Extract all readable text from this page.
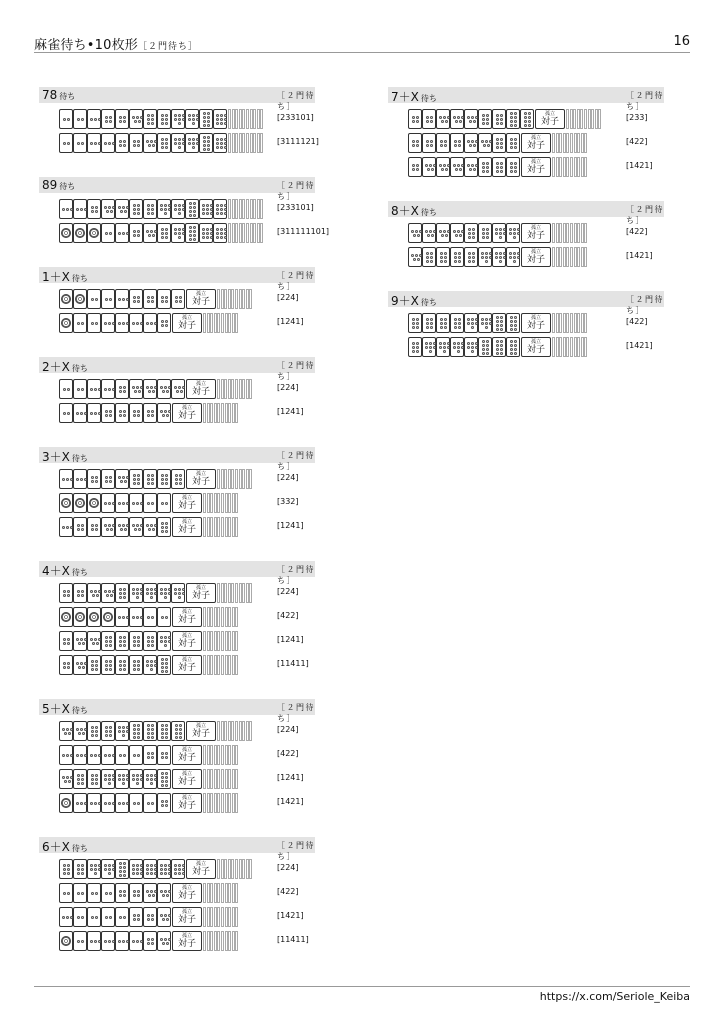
麻雀待ち•10枚形［２門待ち］	16
78 待ち	［２門待ち］
[233101]
[3111121]
89 待ち	［２門待ち］
[233101]
[311111101]
1＋X 待ち	［２門待ち］
孤立
対子	[224]
孤立
対子	[1241]
2＋X 待ち	［２門待ち］
孤立
対子	[224]
孤立
対子	[1241]
3＋X 待ち	［２門待ち］
孤立
対子	[224]
孤立
対子	[332]
孤立
対子	[1241]
4＋X 待ち	［２門待ち］
孤立
対子	[224]
孤立
対子	[422]
孤立
対子	[1241]
孤立
対子	[11411]
5＋X 待ち	［２門待ち］
孤立
対子	[224]
孤立
対子	[422]
孤立
対子	[1241]
孤立
対子	[1421]
6＋X 待ち	［２門待ち］
孤立
対子	[224]
孤立
対子	[422]
孤立
対子	[1421]
孤立
対子	[11411]
7＋X 待ち	［２門待ち］
孤立
対子	[233]
孤立
対子	[422]
孤立
対子	[1421]
8＋X 待ち	［２門待ち］
孤立
対子	[422]
孤立
対子	[1421]
9＋X 待ち	［２門待ち］
孤立
対子	[422]
孤立
対子	[1421]
https://x.com/Seriole_Keiba
